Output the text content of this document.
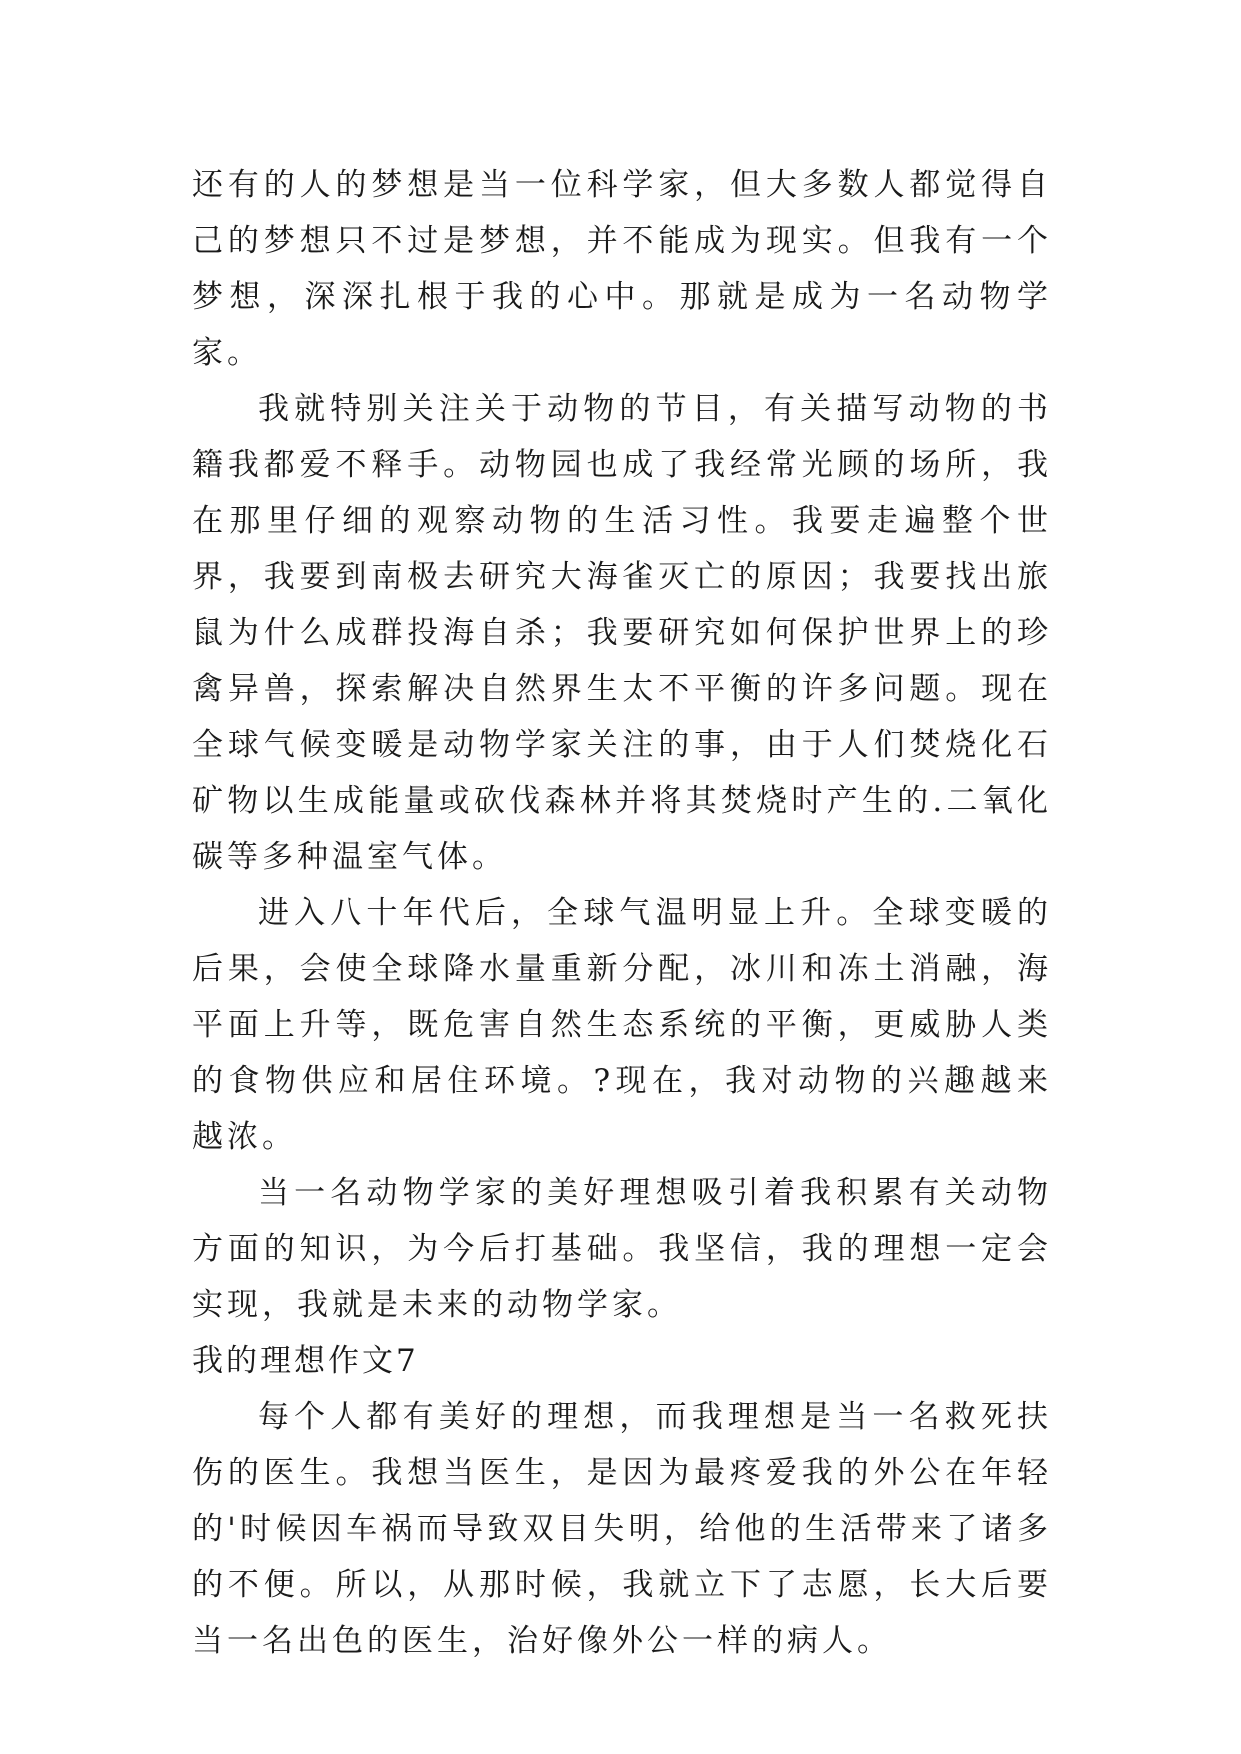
还有的人的梦想是当一位科学家，但大多数人都觉得自己的梦想只不过是梦想，并不能成为现实。但我有一个梦想，深深扎根于我的心中。那就是成为一名动物学家。

我就特别关注关于动物的节目，有关描写动物的书籍我都爱不释手。动物园也成了我经常光顾的场所，我在那里仔细的观察动物的生活习性。我要走遍整个世界，我要到南极去研究大海雀灭亡的原因；我要找出旅鼠为什么成群投海自杀；我要研究如何保护世界上的珍禽异兽，探索解决自然界生太不平衡的许多问题。现在全球气候变暖是动物学家关注的事，由于人们焚烧化石矿物以生成能量或砍伐森林并将其焚烧时产生的.二氧化碳等多种温室气体。

进入八十年代后，全球气温明显上升。全球变暖的后果，会使全球降水量重新分配，冰川和冻土消融，海平面上升等，既危害自然生态系统的平衡，更威胁人类的食物供应和居住环境。?现在，我对动物的兴趣越来越浓。

当一名动物学家的美好理想吸引着我积累有关动物方面的知识，为今后打基础。我坚信，我的理想一定会实现，我就是未来的动物学家。

我的理想作文7

每个人都有美好的理想，而我理想是当一名救死扶伤的医生。我想当医生，是因为最疼爱我的外公在年轻的'时候因车祸而导致双目失明，给他的生活带来了诸多的不便。所以，从那时候，我就立下了志愿，长大后要当一名出色的医生，治好像外公一样的病人。
